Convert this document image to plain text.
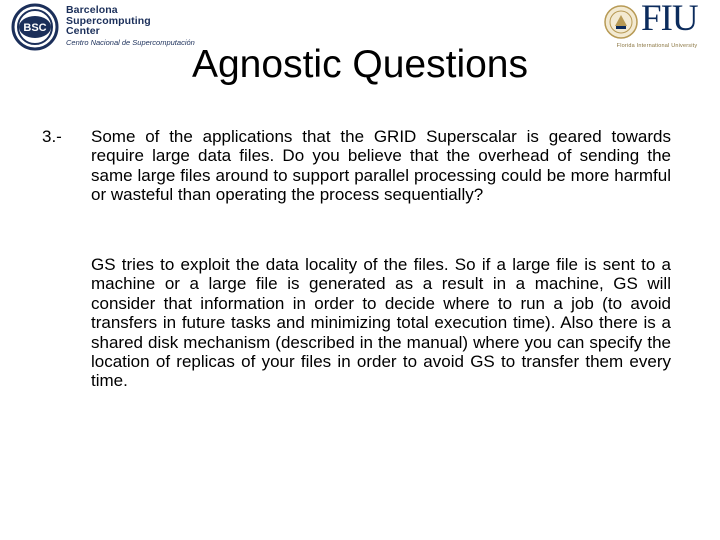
BSC
Barcelona
Supercomputing
Center
Centro Nacional de Supercomputación
FIU
Florida International University
Agnostic Questions
3.- Some of the applications that the GRID Superscalar is geared towards require large data files. Do you believe that the overhead of sending the same large files around to support parallel processing could be more harmful or wasteful than operating the process sequentially?

GS tries to exploit the data locality of the files. So if a large file is sent to a machine or a large file is generated as a result in a machine, GS will consider that information in order to decide where to run a job (to avoid transfers in future tasks and minimizing total execution time). Also there is a shared disk mechanism (described in the manual) where you can specify the location of replicas of your files in order to avoid GS to transfer them every time.
